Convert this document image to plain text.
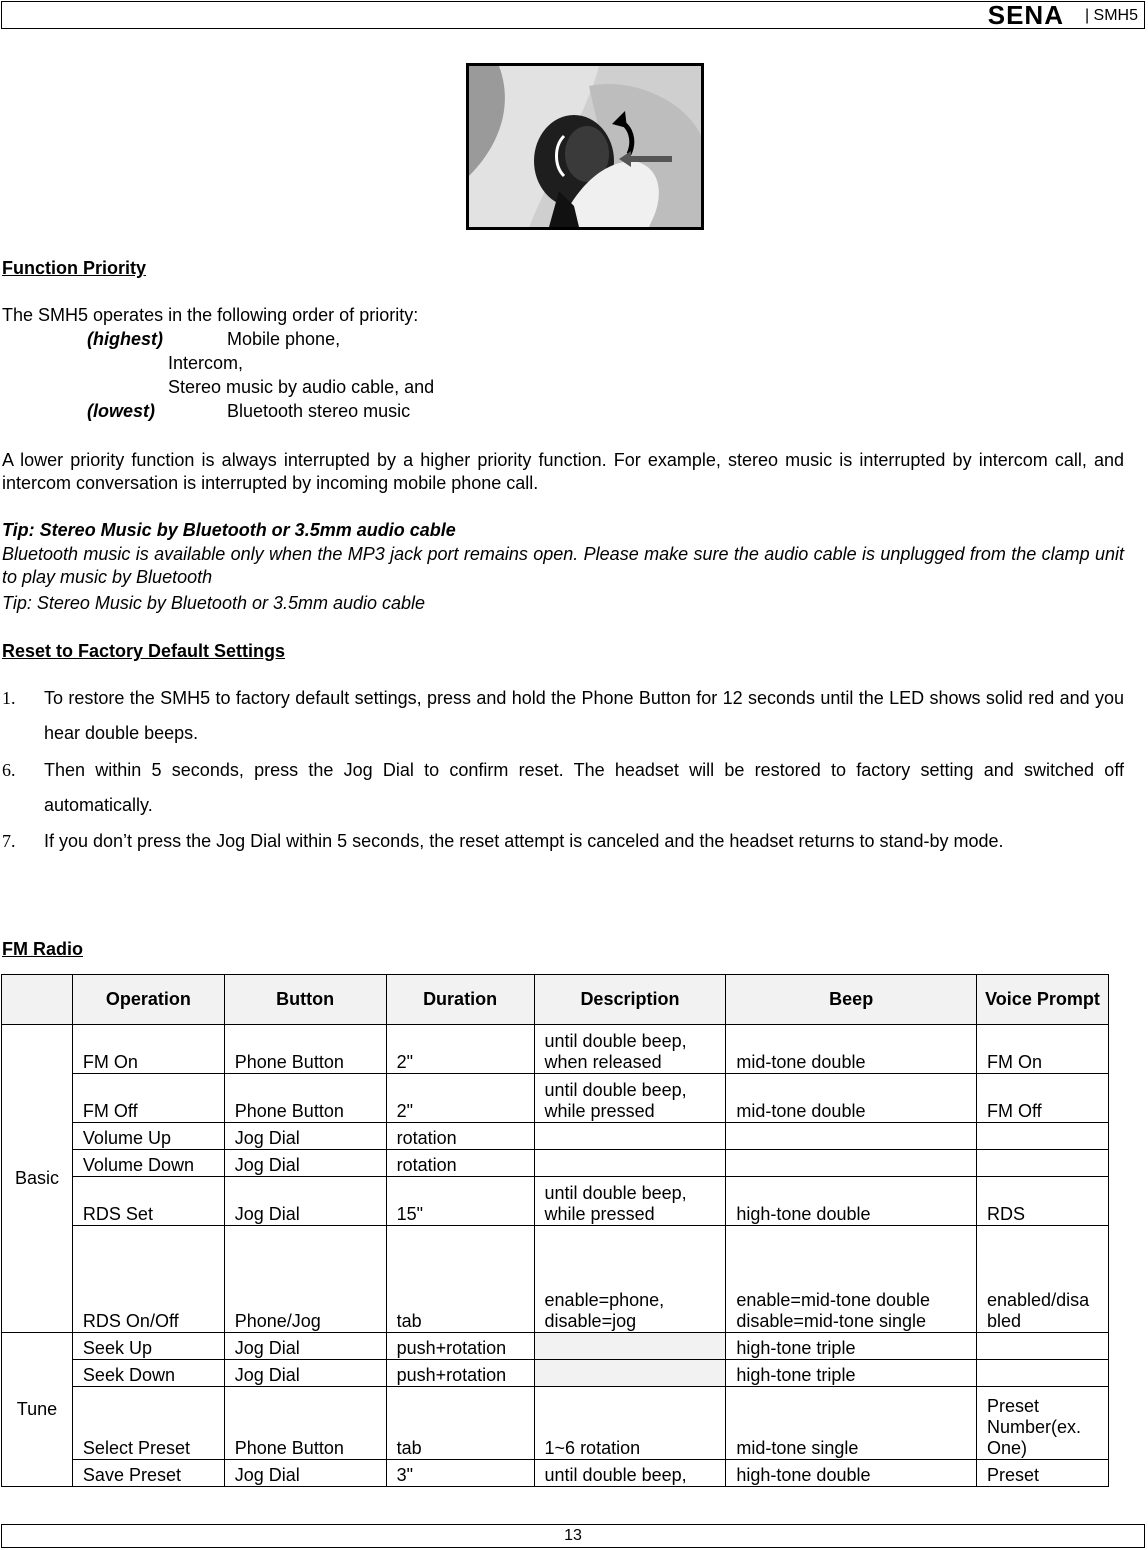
SENA | SMH5
Function Priority
The SMH5 operates in the following order of priority:
(highest)	Mobile phone,
Intercom,
Stereo music by audio cable, and
(lowest)	Bluetooth stereo music
A lower priority function is always interrupted by a higher priority function. For example, stereo music is interrupted by intercom call, and intercom conversation is interrupted by incoming mobile phone call.
Tip: Stereo Music by Bluetooth or 3.5mm audio cable
Bluetooth music is available only when the MP3 jack port remains open. Please make sure the audio cable is unplugged from the clamp unit to play music by Bluetooth
Tip: Stereo Music by Bluetooth or 3.5mm audio cable
Reset to Factory Default Settings
1. To restore the SMH5 to factory default settings, press and hold the Phone Button for 12 seconds until the LED shows solid red and you hear double beeps.
6. Then within 5 seconds, press the Jog Dial to confirm reset. The headset will be restored to factory setting and switched off automatically.
7. If you don’t press the Jog Dial within 5 seconds, the reset attempt is canceled and the headset returns to stand-by mode.
FM Radio
	Operation	Button	Duration	Description	Beep	Voice Prompt
Basic	FM On	Phone Button	2"	until double beep, when released	mid-tone double	FM On
	FM Off	Phone Button	2"	until double beep, while pressed	mid-tone double	FM Off
	Volume Up	Jog Dial	rotation			
	Volume Down	Jog Dial	rotation			
	RDS Set	Jog Dial	15"	until double beep, while pressed	high-tone double	RDS
	RDS On/Off	Phone/Jog	tab	enable=phone, disable=jog	enable=mid-tone double disable=mid-tone single	enabled/disabled
Tune	Seek Up	Jog Dial	push+rotation		high-tone triple	
	Seek Down	Jog Dial	push+rotation		high-tone triple	
	Select Preset	Phone Button	tab	1~6 rotation	mid-tone single	Preset Number(ex. One)
	Save Preset	Jog Dial	3"	until double beep,	high-tone double	Preset
13
